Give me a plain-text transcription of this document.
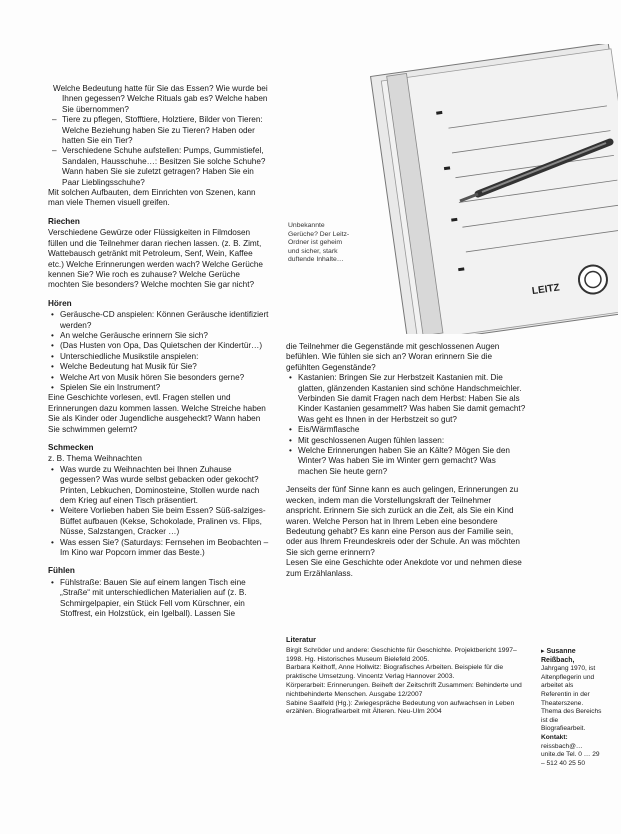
LEITZ
Unbekannte Gerüche? Der Leitz-Ordner ist geheim und sicher, stark duftende Inhalte…

Welche Bedeutung hatte für Sie das Essen? Wie wurde bei Ihnen gegessen? Welche Rituals gab es? Welche haben Sie übernommen?

– Tiere zu pflegen, Stofftiere, Holztiere, Bilder von Tieren: Welche Beziehung haben Sie zu Tieren? Haben oder hatten Sie ein Tier?

– Verschiedene Schuhe aufstellen: Pumps, Gummistiefel, Sandalen, Hausschuhe…: Besitzen Sie solche Schuhe? Wann haben Sie sie zuletzt getragen? Haben Sie ein Paar Lieblingsschuhe?

Mit solchen Aufbauten, dem Einrichten von Szenen, kann man viele Themen visuell greifen.

Riechen

Verschiedene Gewürze oder Flüssigkeiten in Filmdosen füllen und die Teilnehmer daran riechen lassen. (z. B. Zimt, Wattebausch getränkt mit Petroleum, Senf, Wein, Kaffee etc.) Welche Erinnerungen werden wach? Welche Gerüche kennen Sie? Wie roch es zuhause? Welche Gerüche mochten Sie besonders? Welche mochten Sie gar nicht?

Hören

• Geräusche-CD anspielen: Können Geräusche identifiziert werden?

• An welche Geräusche erinnern Sie sich?

• (Das Husten von Opa, Das Quietschen der Kindertür…)

• Unterschiedliche Musikstile anspielen:

• Welche Bedeutung hat Musik für Sie?

• Welche Art von Musik hören Sie besonders gerne?

• Spielen Sie ein Instrument?

Eine Geschichte vorlesen, evtl. Fragen stellen und Erinnerungen dazu kommen lassen. Welche Streiche haben Sie als Kinder oder Jugendliche ausgeheckt? Wann haben Sie schwimmen gelernt?

Schmecken

z. B. Thema Weihnachten

• Was wurde zu Weihnachten bei Ihnen Zuhause gegessen? Was wurde selbst gebacken oder gekocht? Printen, Lebkuchen, Dominosteine, Stollen wurde nach dem Krieg auf einen Tisch präsentiert.

• Weitere Vorlieben haben Sie beim Essen? Süß-salziges-Büffet aufbauen (Kekse, Schokolade, Pralinen vs. Flips, Nüsse, Salzstangen, Cracker …)

• Was essen Sie? (Saturdays: Fernsehen im Beobachten – Im Kino war Popcorn immer das Beste.)

Fühlen

• Fühlstraße: Bauen Sie auf einem langen Tisch eine „Straße“ mit unterschiedlichen Materialien auf (z. B. Schmirgelpapier, ein Stück Fell vom Kürschner, ein Stoffrest, ein Holzstück, ein Igelball). Lassen Sie

die Teilnehmer die Gegenstände mit geschlossenen Augen befühlen. Wie fühlen sie sich an? Woran erinnern Sie die gefühlten Gegenstände?

• Kastanien: Bringen Sie zur Herbstzeit Kastanien mit. Die glatten, glänzenden Kastanien sind schöne Handschmeichler. Verbinden Sie damit Fragen nach dem Herbst: Haben Sie als Kinder Kastanien gesammelt? Was haben Sie damit gemacht? Was geht es Ihnen in der Herbstzeit so gut?

• Eis/Wärmflasche

• Mit geschlossenen Augen fühlen lassen:

• Welche Erinnerungen haben Sie an Kälte? Mögen Sie den Winter? Was haben Sie im Winter gern gemacht? Was machen Sie heute gern?

Jenseits der fünf Sinne kann es auch gelingen, Erinnerungen zu wecken, indem man die Vorstellungskraft der Teilnehmer anspricht. Erinnern Sie sich zurück an die Zeit, als Sie ein Kind waren. Welche Person hat in Ihrem Leben eine besondere Bedeutung gehabt? Es kann eine Person aus der Familie sein, oder aus Ihrem Freundeskreis oder der Schule. An was möchten Sie sich gerne erinnern?

Lesen Sie eine Geschichte oder Anekdote vor und nehmen diese zum Erzählanlass.

Literatur
Birgit Schröder und andere: Geschichte für Geschichte. Projektbericht 1997–1998. Hg. Historisches Museum Bielefeld 2005.
Barbara Keithoff, Anne Hollwitz: Biografisches Arbeiten. Beispiele für die praktische Umsetzung. Vincentz Verlag Hannover 2003.
Körperarbeit: Erinnerungen. Beiheft der Zeitschrift Zusammen: Behinderte und nichtbehinderte Menschen. Ausgabe 12/2007
Sabine Saalfeld (Hg.): Zwiegespräche Bedeutung von aufwachsen in Leben erzählen. Biografiearbeit mit Älteren. Neu-Ulm 2004
▸ Susanne Reißbach,
Jahrgang 1970, ist Altenpflegerin und arbeitet als Referentin in der Theaterszene. Thema des Bereichs ist die Biografiearbeit.
Kontakt:
reissbach@… unite.de Tel. 0 … 29 – 512 40 25 50
